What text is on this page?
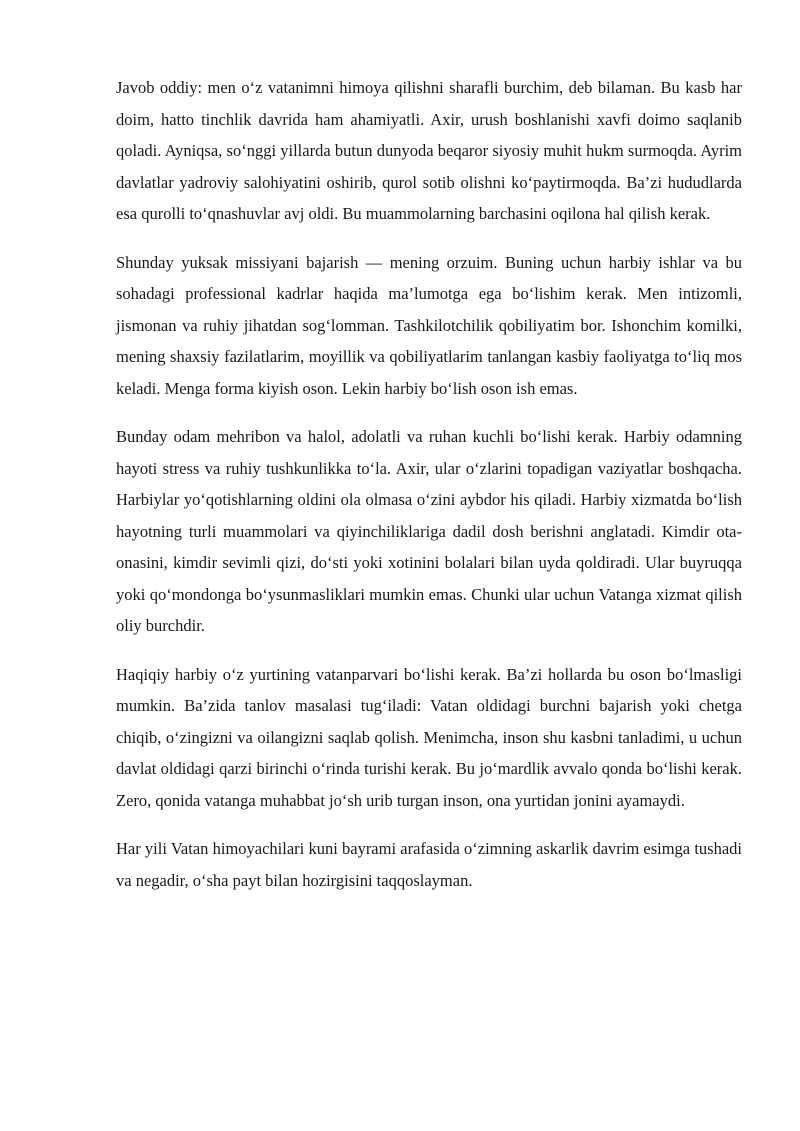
Javob oddiy: men o‘z vatanimni himoya qilishni sharafli burchim, deb bilaman. Bu kasb har doim, hatto tinchlik davrida ham ahamiyatli. Axir, urush boshlanishi xavfi doimo saqlanib qoladi. Ayniqsa, so‘nggi yillarda butun dunyoda beqaror siyosiy muhit hukm surmoqda. Ayrim davlatlar yadroviy salohiyatini oshirib, qurol sotib olishni ko‘paytirmoqda. Ba’zi hududlarda esa qurolli to‘qnashuvlar avj oldi. Bu muammolarning barchasini oqilona hal qilish kerak.

Shunday yuksak missiyani bajarish — mening orzuim. Buning uchun harbiy ishlar va bu sohadagi professional kadrlar haqida ma’lumotga ega bo‘lishim kerak. Men intizomli, jismonan va ruhiy jihatdan sog‘lomman. Tashkilotchilik qobiliyatim bor. Ishonchim komilki, mening shaxsiy fazilatlarim, moyillik va qobiliyatlarim tanlangan kasbiy faoliyatga to‘liq mos keladi. Menga forma kiyish oson. Lekin harbiy bo‘lish oson ish emas.

Bunday odam mehribon va halol, adolatli va ruhan kuchli bo‘lishi kerak. Harbiy odamning hayoti stress va ruhiy tushkunlikka to‘la. Axir, ular o‘zlarini topadigan vaziyatlar boshqacha. Harbiylar yo‘qotishlarning oldini ola olmasa o‘zini aybdor his qiladi. Harbiy xizmatda bo‘lish hayotning turli muammolari va qiyinchiliklariga dadil dosh berishni anglatadi. Kimdir ota-onasini, kimdir sevimli qizi, do‘sti yoki xotinini bolalari bilan uyda qoldiradi. Ular buyruqqa yoki qo‘mondonga bo‘ysunmasliklari mumkin emas. Chunki ular uchun Vatanga xizmat qilish oliy burchdir.

Haqiqiy harbiy o‘z yurtining vatanparvari bo‘lishi kerak. Ba’zi hollarda bu oson bo‘lmasligi mumkin. Ba’zida tanlov masalasi tug‘iladi: Vatan oldidagi burchni bajarish yoki chetga chiqib, o‘zingizni va oilangizni saqlab qolish. Menimcha, inson shu kasbni tanladimi, u uchun davlat oldidagi qarzi birinchi o‘rinda turishi kerak. Bu jo‘mardlik avvalo qonda bo‘lishi kerak. Zero, qonida vatanga muhabbat jo‘sh urib turgan inson, ona yurtidan jonini ayamaydi.

Har yili Vatan himoyachilari kuni bayrami arafasida o‘zimning askarlik davrim esimga tushadi va negadir, o‘sha payt bilan hozirgisini taqqoslayman.
